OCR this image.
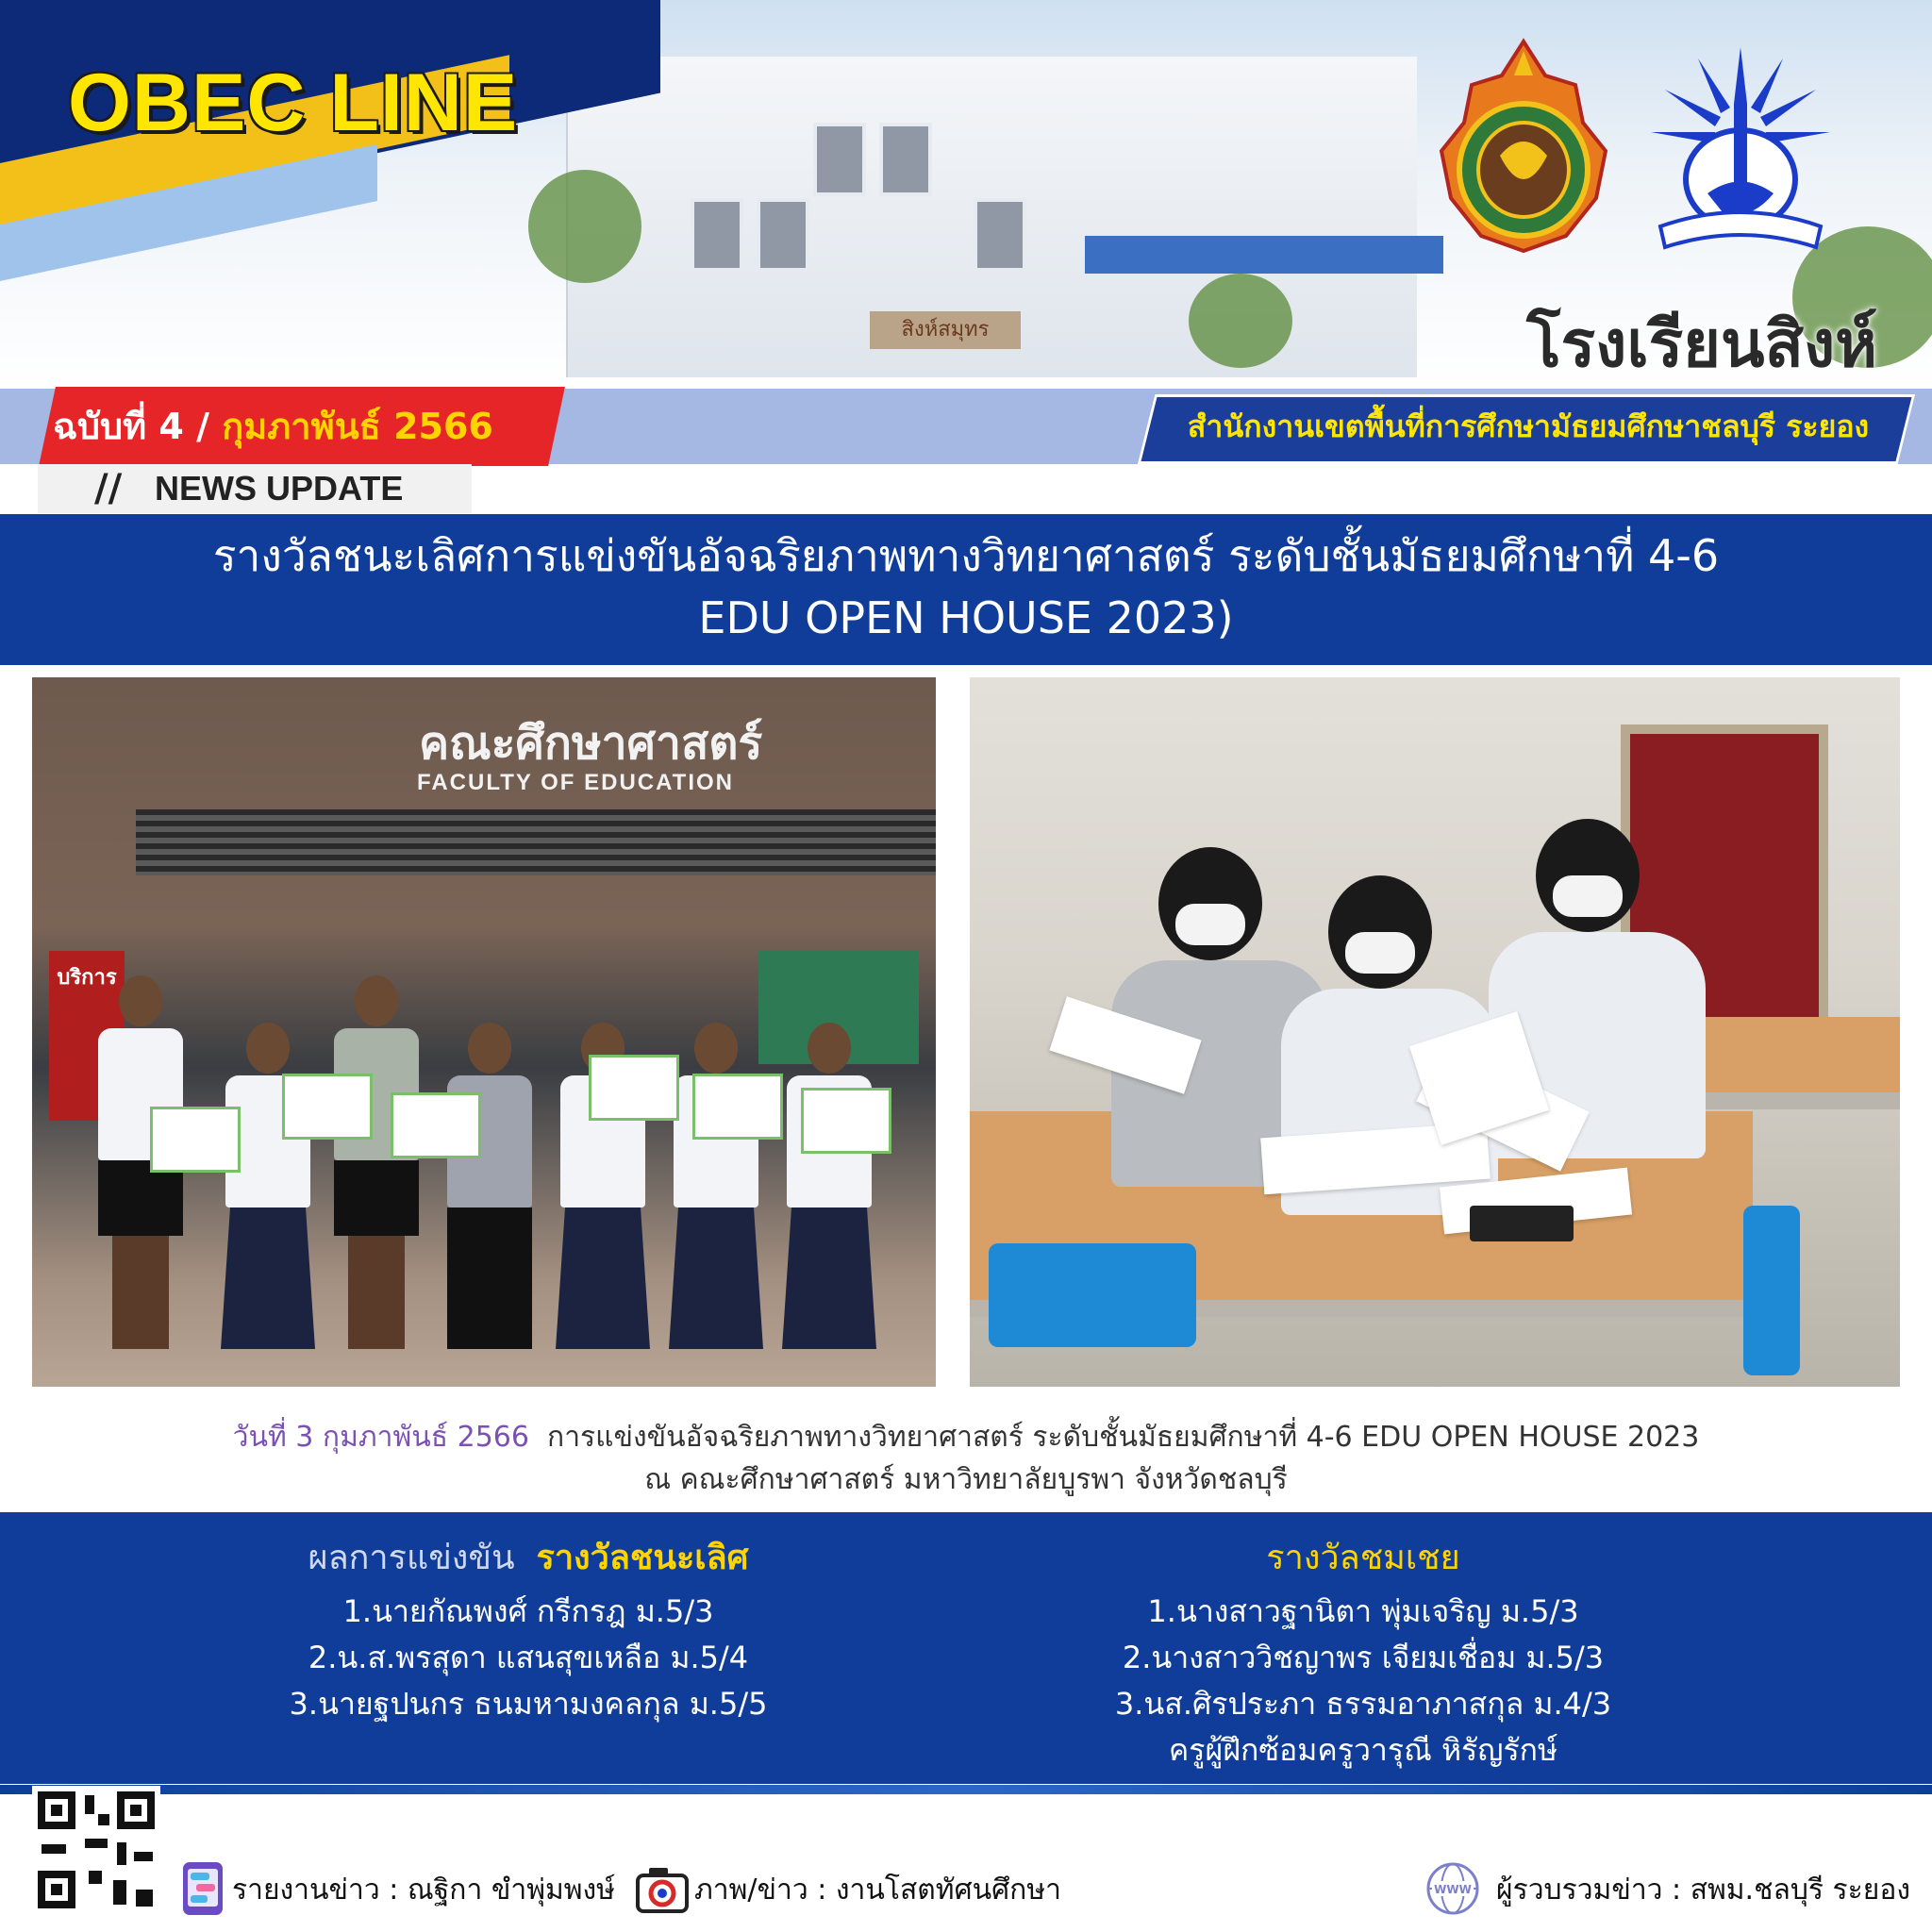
สิงห์สมุทร
OBEC LINE
โรงเรียนสิงห์
ฉบับที่ 4 / กุมภาพันธ์ 2566	สำนักงานเขตพื้นที่การศึกษามัธยมศึกษาชลบุรี ระยอง
// NEWS UPDATE
รางวัลชนะเลิศการแข่งขันอัจฉริยภาพทางวิทยาศาสตร์ ระดับชั้นมัธยมศึกษาที่ 4-6
EDU OPEN HOUSE 2023)
คณะศึกษาศาสตร์
FACULTY OF EDUCATION
บริการ
วันที่ 3 กุมภาพันธ์ 2566 การแข่งขันอัจฉริยภาพทางวิทยาศาสตร์ ระดับชั้นมัธยมศึกษาที่ 4-6 EDU OPEN HOUSE 2023
ณ คณะศึกษาศาสตร์ มหาวิทยาลัยบูรพา จังหวัดชลบุรี
ผลการแข่งขัน รางวัลชนะเลิศ
1.นายกัณพงศ์ กรีกรฎ ม.5/3
2.น.ส.พรสุดา แสนสุขเหลือ ม.5/4
3.นายฐปนกร ธนมหามงคลกุล ม.5/5
รางวัลชมเชย
1.นางสาวฐานิตา พุ่มเจริญ ม.5/3
2.นางสาววิชญาพร เจียมเชื่อม ม.5/3
3.นส.ศิรประภา ธรรมอาภาสกุล ม.4/3
ครูผู้ฝึกซ้อมครูวารุณี หิรัญรักษ์
รายงานข่าว : ณฐิกา ขำพุ่มพงษ์	ภาพ/ข่าว : งานโสตทัศนศึกษา	WWW ผู้รวบรวมข่าว : สพม.ชลบุรี ระยอง
